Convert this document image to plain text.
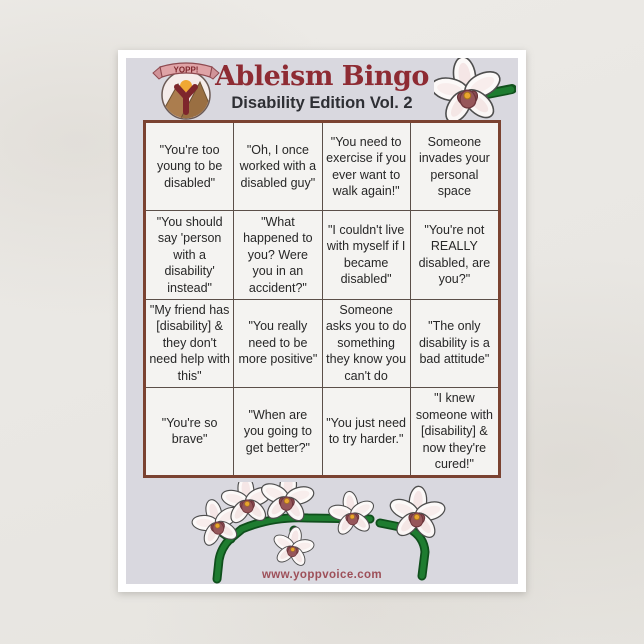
YOPP! Ableism Bingo
Disability Edition Vol. 2
"You're too young to be disabled"
"Oh, I once worked with a disabled guy"
"You need to exercise if you ever want to walk again!"
Someone invades your personal space
"You should say 'person with a disability' instead"
"What happened to you? Were you in an accident?"
"I couldn't live with myself if I became disabled"
"You're not REALLY disabled, are you?"
"My friend has [disability] & they don't need help with this"
"You really need to be more positive"
Someone asks you to do something they know you can't do
"The only disability is a bad attitude"
"You're so brave"
"When are you going to get better?"
"You just need to try harder."
"I knew someone with [disability] & now they're cured!"
www.yoppvoice.com
